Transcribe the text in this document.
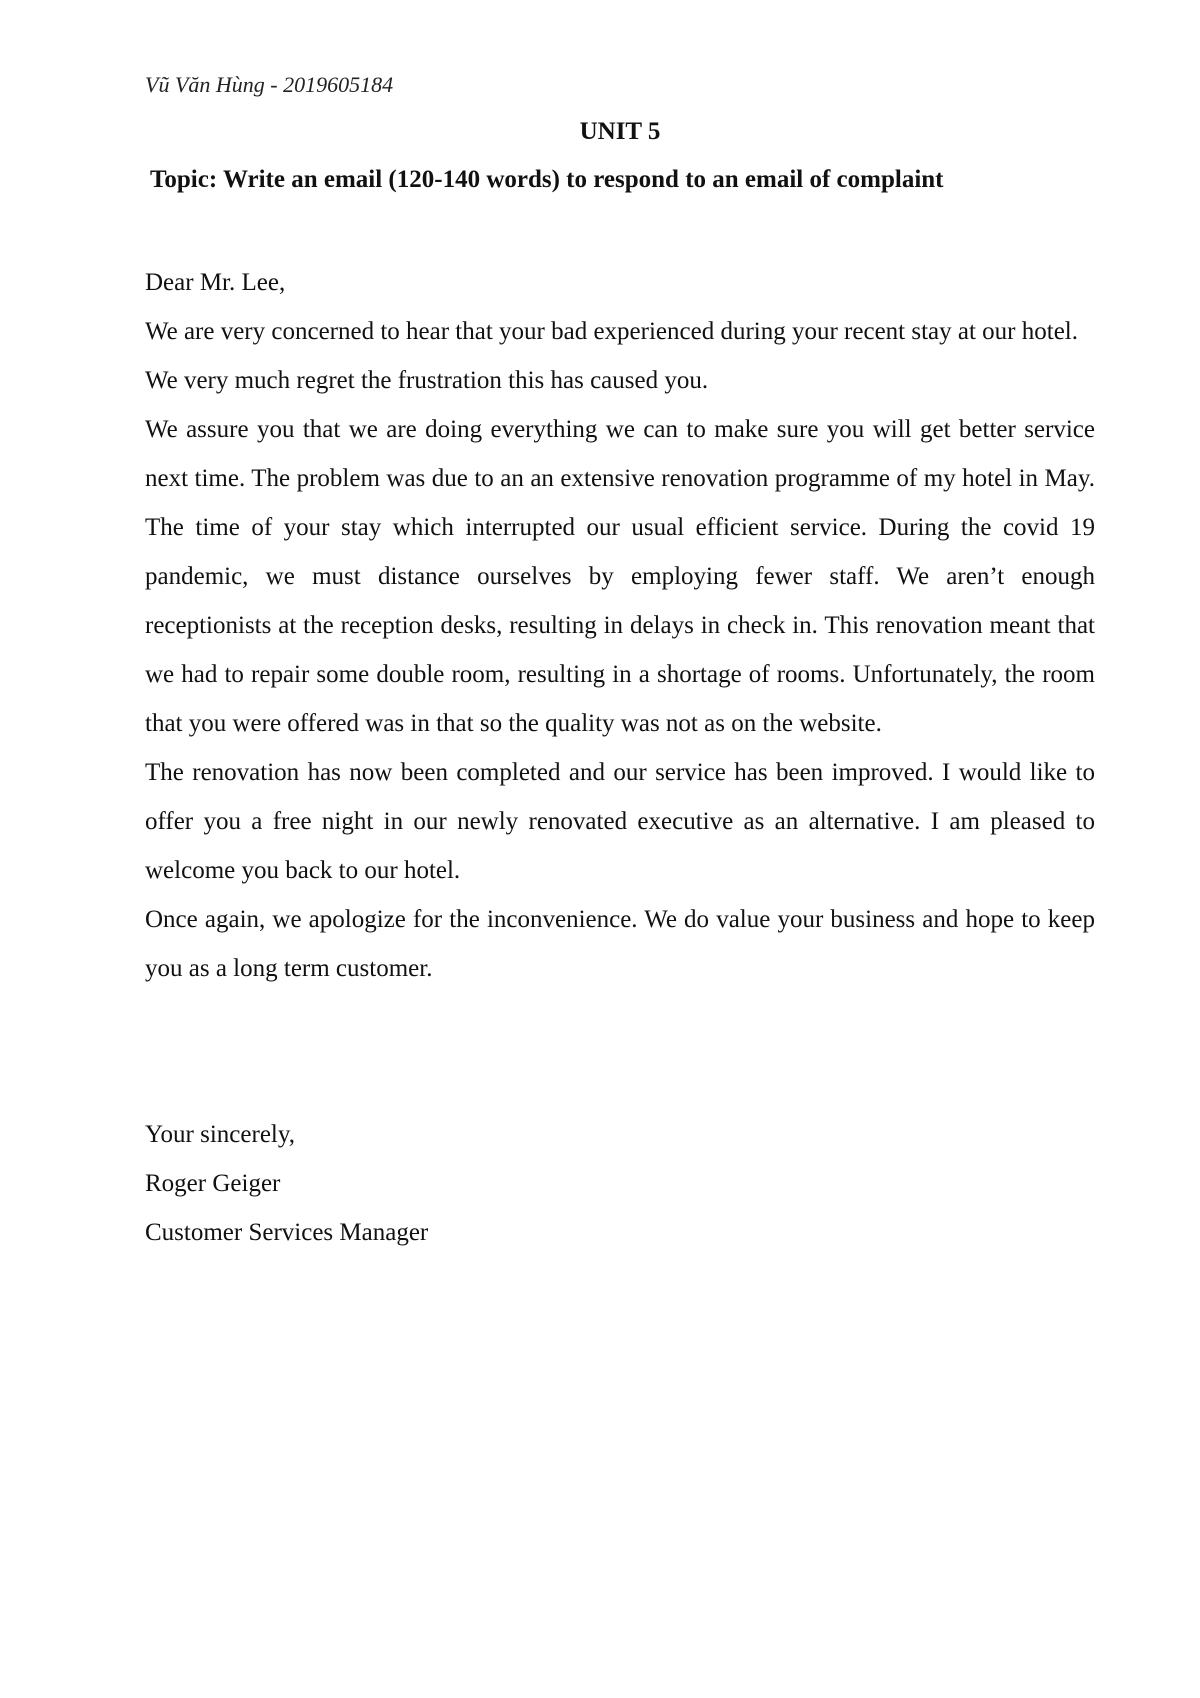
Vũ Văn Hùng - 2019605184
UNIT 5
Topic: Write an email (120-140 words) to respond to an email of complaint

Dear Mr. Lee,

We are very concerned to hear that your bad experienced during your recent stay at our hotel.

We very much regret the frustration this has caused you.

We assure you that we are doing everything we can to make sure you will get better service next time. The problem was due to an an extensive renovation programme of my hotel in May. The time of your stay which interrupted our usual efficient service. During the covid 19 pandemic, we must distance ourselves by employing fewer staff. We aren’t enough receptionists at the reception desks, resulting in delays in check in. This renovation meant that we had to repair some double room, resulting in a shortage of rooms. Unfortunately, the room that you were offered was in that so the quality was not as on the website.

The renovation has now been completed and our service has been improved. I would like to offer you a free night in our newly renovated executive as an alternative. I am pleased to welcome you back to our hotel.

Once again, we apologize for the inconvenience. We do value your business and hope to keep you as a long term customer.

Your sincerely,
Roger Geiger
Customer Services Manager
